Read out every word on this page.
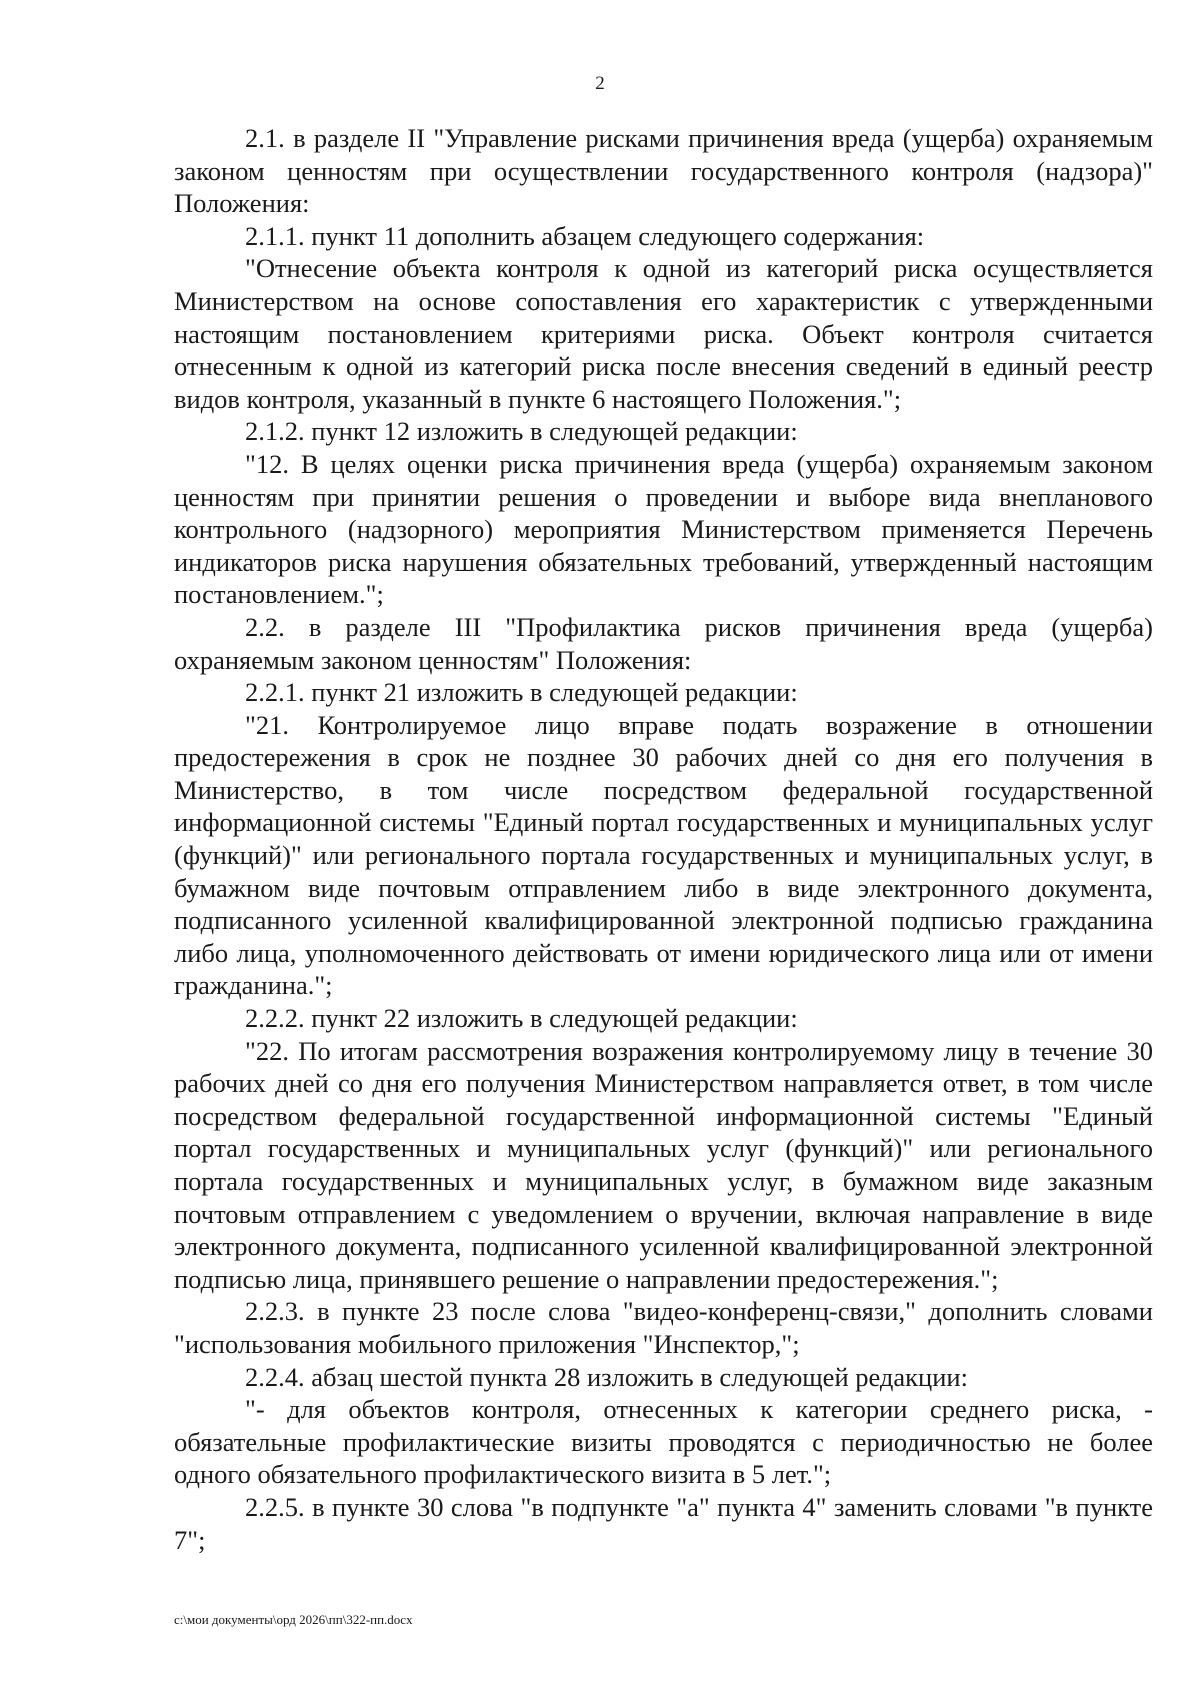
2

2.1. в разделе II "Управление рисками причинения вреда (ущерба) охраняемым законом ценностям при осуществлении государственного контроля (надзора)" Положения:

2.1.1. пункт 11 дополнить абзацем следующего содержания:

"Отнесение объекта контроля к одной из категорий риска осуществляется Министерством на основе сопоставления его характеристик с утвержденными настоящим постановлением критериями риска. Объект контроля считается отнесенным к одной из категорий риска после внесения сведений в единый реестр видов контроля, указанный в пункте 6 настоящего Положения.";

2.1.2. пункт 12 изложить в следующей редакции:

"12. В целях оценки риска причинения вреда (ущерба) охраняемым законом ценностям при принятии решения о проведении и выборе вида внепланового контрольного (надзорного) мероприятия Министерством применяется Перечень индикаторов риска нарушения обязательных требований, утвержденный настоящим постановлением.";

2.2. в разделе III "Профилактика рисков причинения вреда (ущерба) охраняемым законом ценностям" Положения:

2.2.1. пункт 21 изложить в следующей редакции:

"21. Контролируемое лицо вправе подать возражение в отношении предостережения в срок не позднее 30 рабочих дней со дня его получения в Министерство, в том числе посредством федеральной государственной информационной системы "Единый портал государственных и муниципальных услуг (функций)" или регионального портала государственных и муниципальных услуг, в бумажном виде почтовым отправлением либо в виде электронного документа, подписанного усиленной квалифицированной электронной подписью гражданина либо лица, уполномоченного действовать от имени юридического лица или от имени гражданина.";

2.2.2. пункт 22 изложить в следующей редакции:

"22. По итогам рассмотрения возражения контролируемому лицу в течение 30 рабочих дней со дня его получения Министерством направляется ответ, в том числе посредством федеральной государственной информационной системы "Единый портал государственных и муниципальных услуг (функций)" или регионального портала государственных и муниципальных услуг, в бумажном виде заказным почтовым отправлением с уведомлением о вручении, включая направление в виде электронного документа, подписанного усиленной квалифицированной электронной подписью лица, принявшего решение о направлении предостережения.";

2.2.3. в пункте 23 после слова "видео-конференц-связи," дополнить словами "использования мобильного приложения "Инспектор,";

2.2.4. абзац шестой пункта 28 изложить в следующей редакции:

"- для объектов контроля, отнесенных к категории среднего риска, - обязательные профилактические визиты проводятся с периодичностью не более одного обязательного профилактического визита в 5 лет.";

2.2.5. в пункте 30 слова "в подпункте "а" пункта 4" заменить словами "в пункте 7";

c:\мои документы\орд 2026\пп\322-пп.docx
